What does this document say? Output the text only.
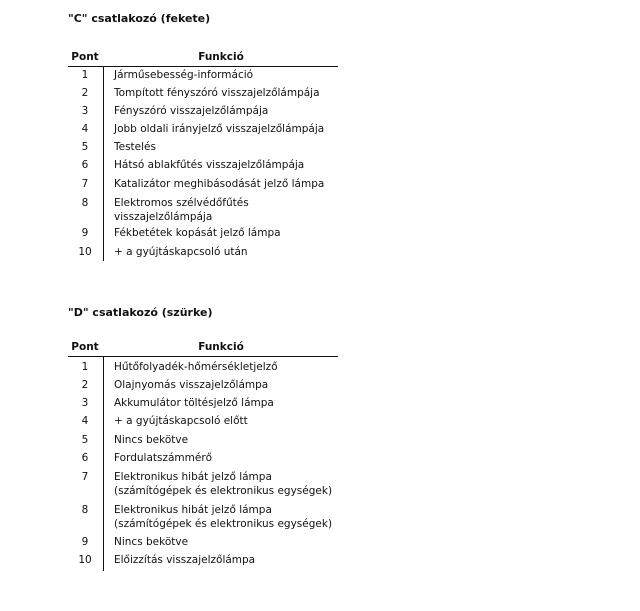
"C" csatlakozó (fekete)
Pont	Funkció
1	Járműsebesség-információ
2	Tompított fényszóró visszajelzőlámpája
3	Fényszóró visszajelzőlámpája
4	Jobb oldali irányjelző visszajelzőlámpája
5	Testelés
6	Hátsó ablakfűtés visszajelzőlámpája
7	Katalizátor meghibásodását jelző lámpa
8	Elektromos szélvédőfűtés
visszajelzőlámpája
9	Fékbetétek kopását jelző lámpa
10	+ a gyújtáskapcsoló után
"D" csatlakozó (szürke)
Pont	Funkció
1	Hűtőfolyadék-hőmérsékletjelző
2	Olajnyomás visszajelzőlámpa
3	Akkumulátor töltésjelző lámpa
4	+ a gyújtáskapcsoló előtt
5	Nincs bekötve
6	Fordulatszámmérő
7	Elektronikus hibát jelző lámpa
(számítógépek és elektronikus egységek)
8	Elektronikus hibát jelző lámpa
(számítógépek és elektronikus egységek)
9	Nincs bekötve
10	Előizzítás visszajelzőlámpa
